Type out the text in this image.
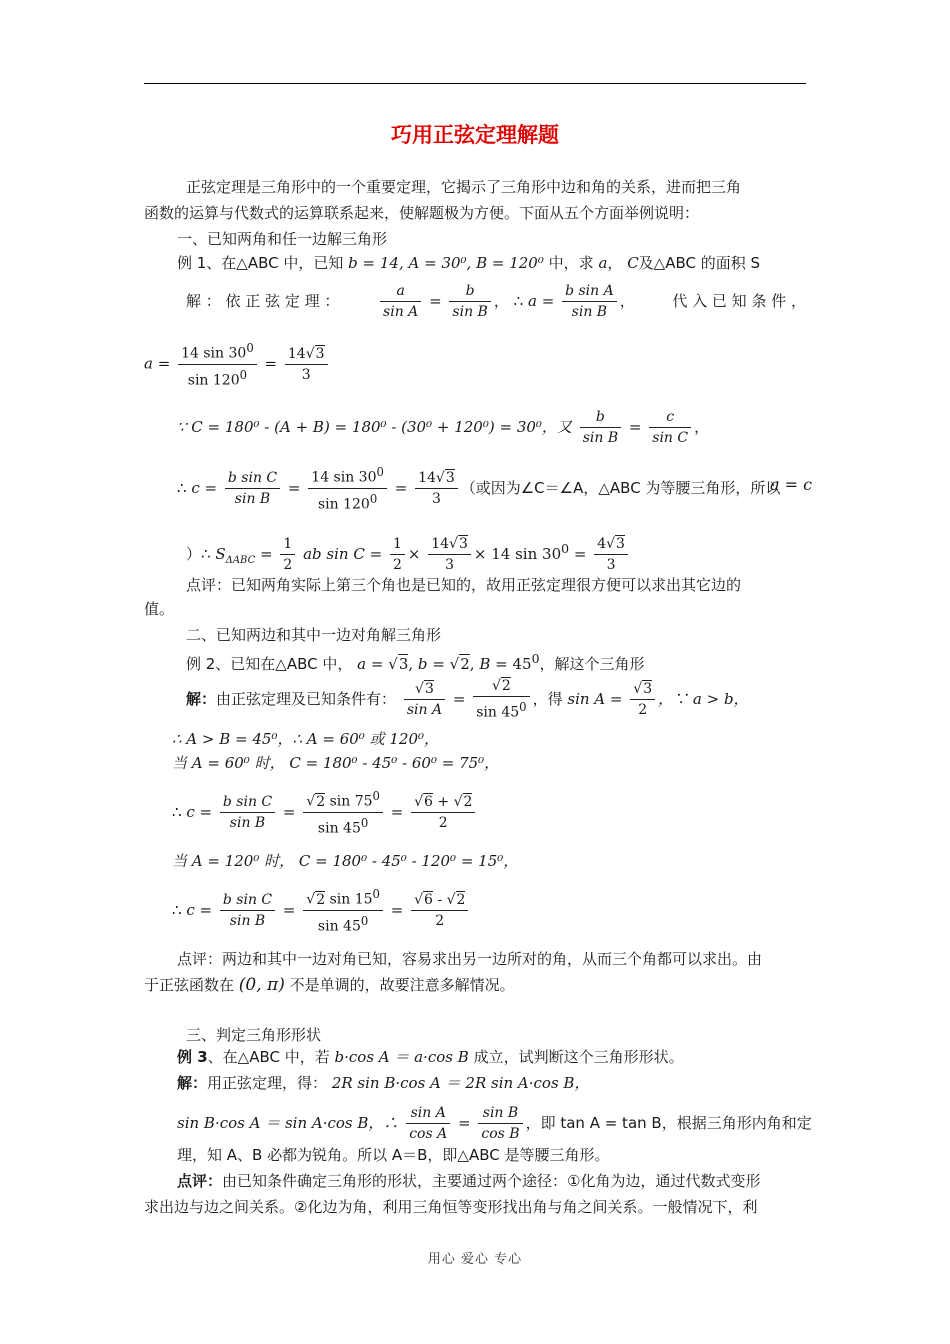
巧用正弦定理解题
正弦定理是三角形中的一个重要定理，它揭示了三角形中边和角的关系，进而把三角
函数的运算与代数式的运算联系起来，使解题极为方便。下面从五个方面举例说明：
一、已知两角和任一边解三角形
例 1、在△ABC 中，已知 b = 14, A = 30⁰, B = 120⁰ 中，求 a， C及△ABC 的面积 S
解 ： 依 正 弦 定 理 ：	$\frac{a}{\text{sin A}} = \frac{b}{\text{sin B}}$ ， ∴ $a = \frac{\text{b sin A}}{\text{sin B}}$ ，	代 入 已 知 条 件 ，
$a = \frac{14 \sin 30^0}{\sin 120^0} = \frac{14√3}{3}$
∵ C = 180⁰ - (A + B) = 180⁰ - (30⁰ + 120⁰) = 30⁰，又 $\frac{b}{\text{sin B}} = \frac{c}{\text{sin C}}$ ，
∴ $c = \frac{\text{b sin C}}{\text{sin B}} = \frac{14 \sin 30^0}{\sin 120^0} = \frac{14√3}{3}$ （或因为∠C＝∠A，△ABC 为等腰三角形，所以
a = c
）∴ $S_{\Delta ABC} = \frac{1}{2}$ ab $\sin C = \frac{1}{2} \times \frac{14√3}{3} \times 14$ $\sin 30^0 = \frac{4√3}{3}$
点评：已知两角实际上第三个角也是已知的，故用正弦定理很方便可以求出其它边的
值。
二、已知两边和其中一边对角解三角形
例 2、已知在△ABC 中， a = √3, b = √2, $B = 45^0$，解这个三角形
解：由正弦定理及已知条件有： $\frac{√3}{\text{sin A}} = \frac{√2}{\sin 45^0}$ ，得 $\sin A = \frac{√3}{2}$ ，∵ a > b，
∴ A > B = 45⁰，∴ A = 60⁰ 或 120⁰，
当 A = 60⁰ 时， C = 180⁰ - 45⁰ - 60⁰ = 75⁰，
∴ $c = \frac{\text{b sin C}}{\text{sin B}} = \frac{√2 \sin 75^0}{\sin 45^0} = \frac{√6 + √2}{2}$
当 A = 120⁰ 时， C = 180⁰ - 45⁰ - 120⁰ = 15⁰，
∴ $c = \frac{\text{b sin C}}{\text{sin B}} = \frac{√2 \sin 15^0}{\sin 45^0} = \frac{√6 - √2}{2}$
点评：两边和其中一边对角已知，容易求出另一边所对的角，从而三个角都可以求出。由
于正弦函数在 (0, π) 不是单调的，故要注意多解情况。
三、判定三角形形状
例 3、在△ABC 中，若 b·cos A ＝ a·cos B 成立，试判断这个三角形形状。
解：用正弦定理，得： 2R sin B·cos A ＝ 2R sin A·cos B，
sin B·cos A ＝ sin A·cos B，∴ $\frac{\text{sin A}}{\text{cos A}} = \frac{\text{sin B}}{\text{cos B}}$ ，即 tan A = tan B，根据三角形内角和定
理，知 A、B 必都为锐角。所以 A＝B，即△ABC 是等腰三角形。
点评：由已知条件确定三角形的形状，主要通过两个途径：①化角为边，通过代数式变形
求出边与边之间关系。②化边为角，利用三角恒等变形找出角与角之间关系。一般情况下，利
用心 爱心 专心
